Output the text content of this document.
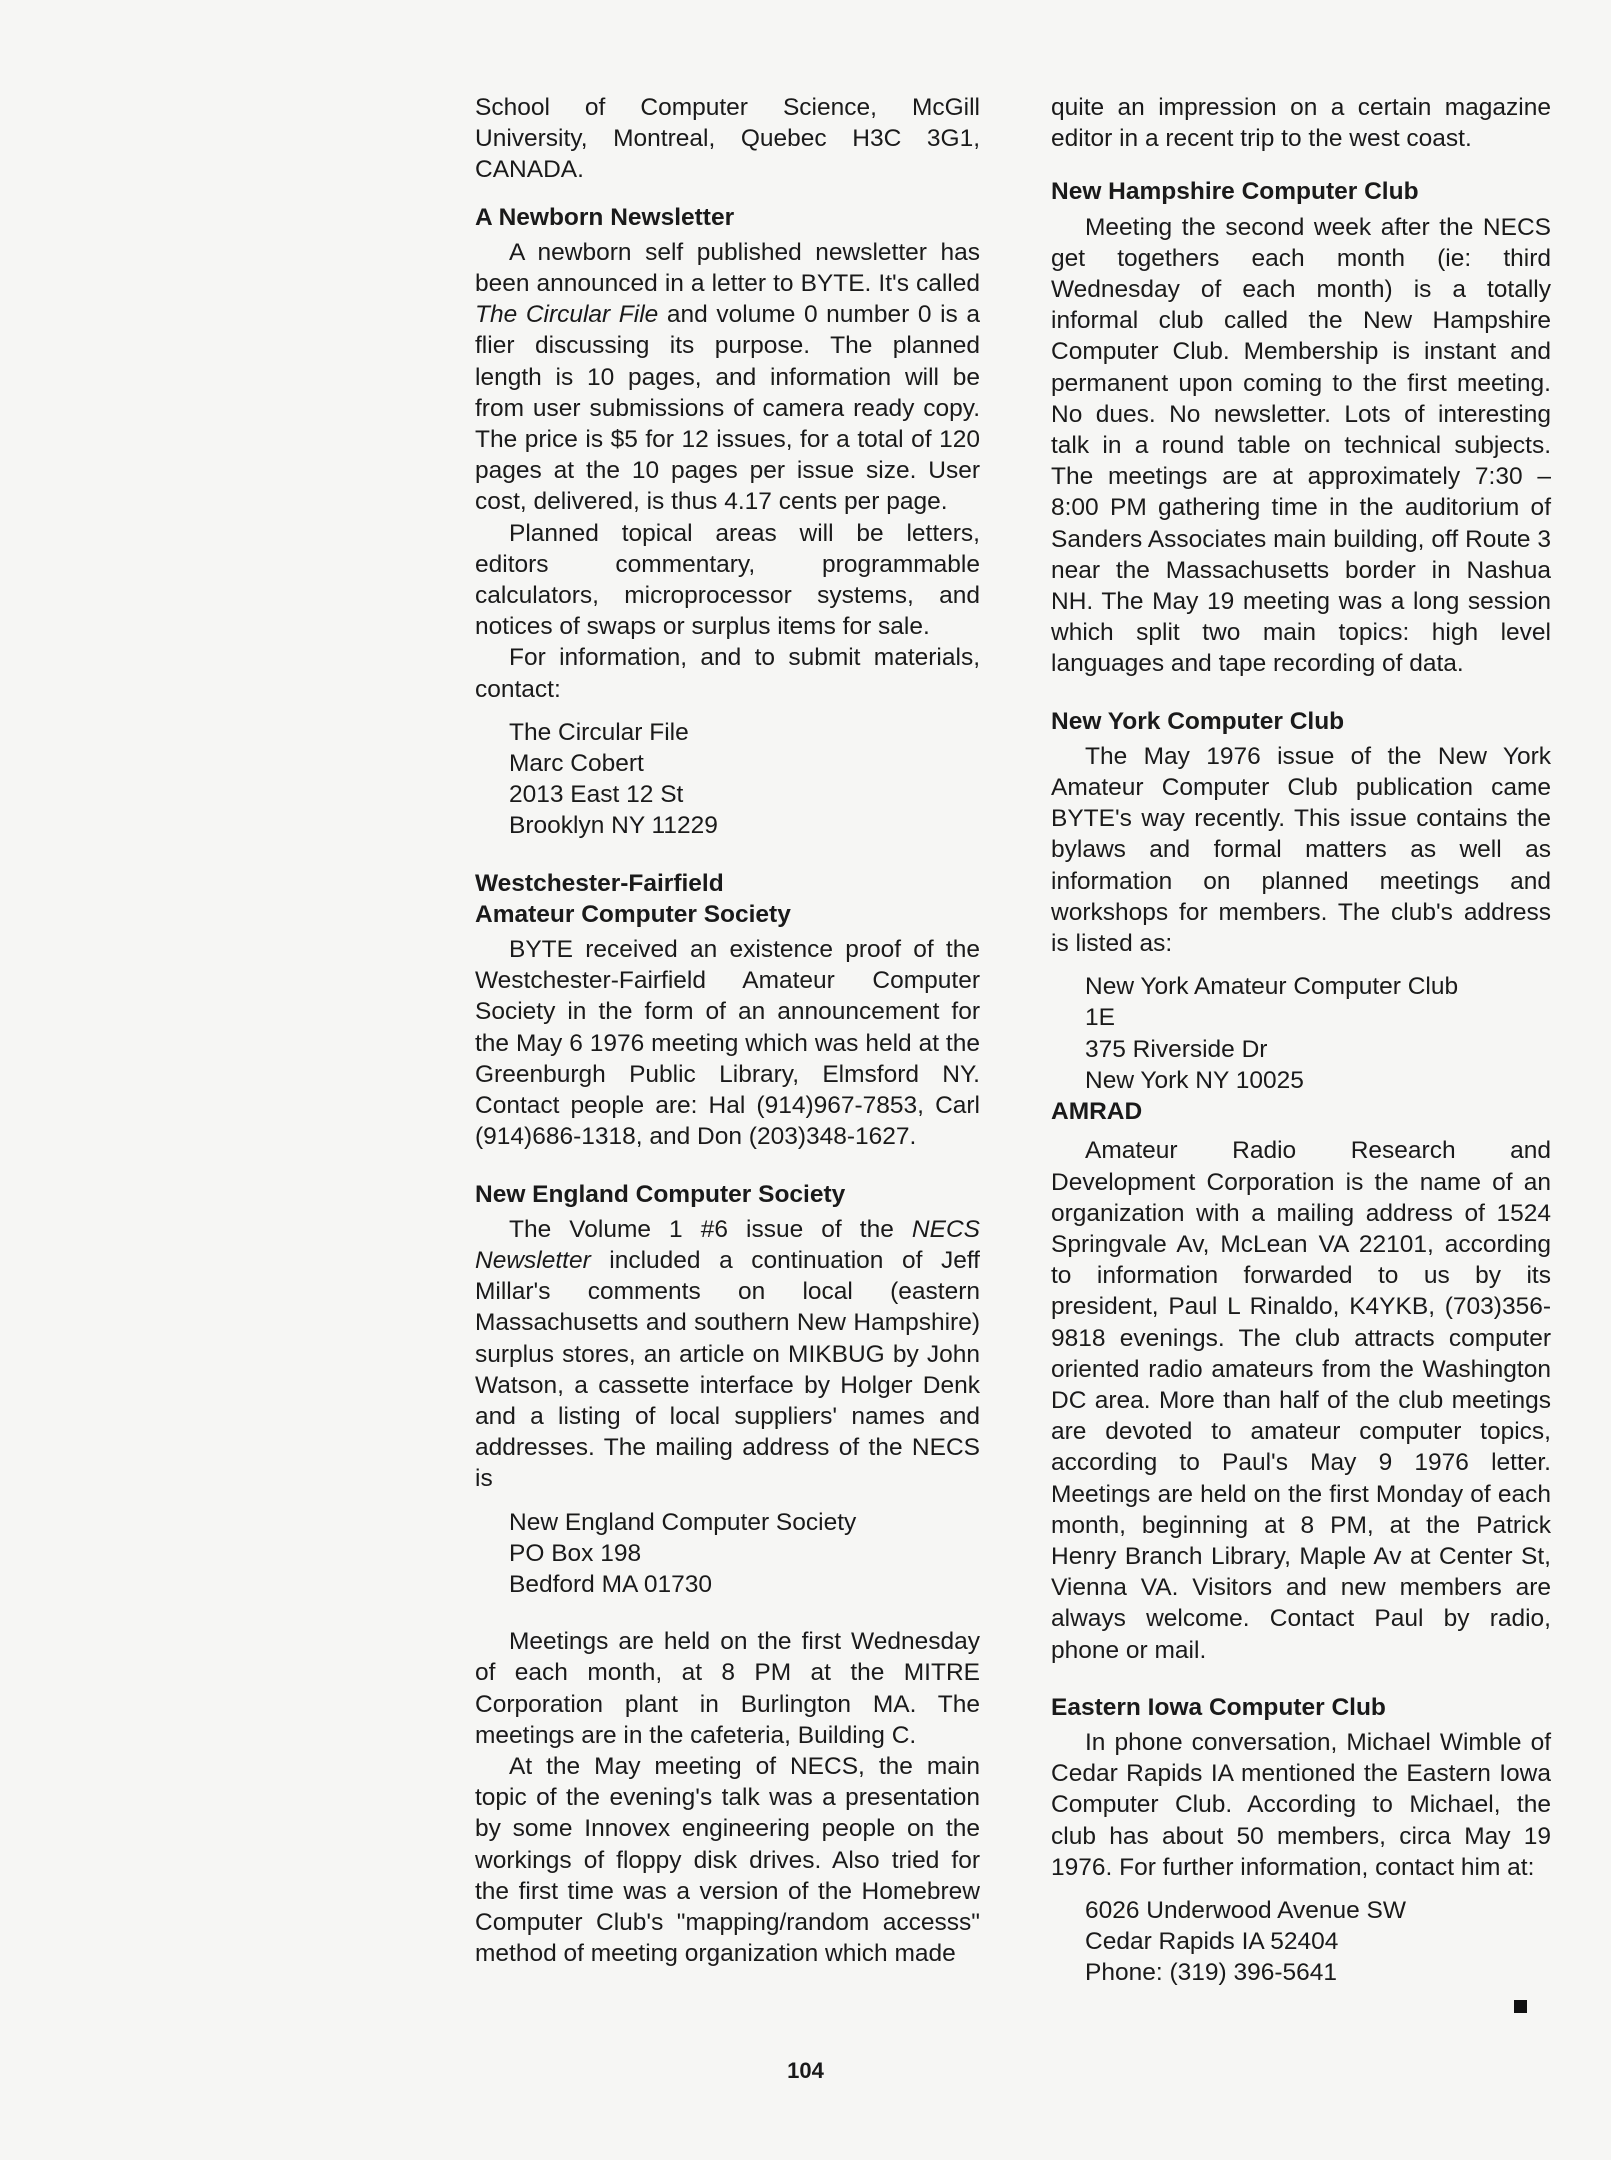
School of Computer Science, McGill University, Montreal, Quebec H3C 3G1, CANADA.

A Newborn Newsletter

A newborn self published newsletter has been announced in a letter to BYTE. It's called The Circular File and volume 0 number 0 is a flier discussing its purpose. The planned length is 10 pages, and information will be from user submissions of camera ready copy. The price is $5 for 12 issues, for a total of 120 pages at the 10 pages per issue size. User cost, delivered, is thus 4.17 cents per page.

Planned topical areas will be letters, editors commentary, programmable calculators, microprocessor systems, and notices of swaps or surplus items for sale.

For information, and to submit materials, contact:

The Circular File
Marc Cobert
2013 East 12 St
Brooklyn NY 11229
Westchester-Fairfield
Amateur Computer Society

BYTE received an existence proof of the Westchester-Fairfield Amateur Computer Society in the form of an announcement for the May 6 1976 meeting which was held at the Greenburgh Public Library, Elmsford NY. Contact people are: Hal (914)967-7853, Carl (914)686-1318, and Don (203)348-1627.

New England Computer Society

The Volume 1 #6 issue of the NECS Newsletter included a continuation of Jeff Millar's comments on local (eastern Massachusetts and southern New Hampshire) surplus stores, an article on MIKBUG by John Watson, a cassette interface by Holger Denk and a listing of local suppliers' names and addresses. The mailing address of the NECS is

New England Computer Society
PO Box 198
Bedford MA 01730

Meetings are held on the first Wednesday of each month, at 8 PM at the MITRE Corporation plant in Burlington MA. The meetings are in the cafeteria, Building C.

At the May meeting of NECS, the main topic of the evening's talk was a presentation by some Innovex engineering people on the workings of floppy disk drives. Also tried for the first time was a version of the Homebrew Computer Club's "mapping/random accesss" method of meeting organization which made

quite an impression on a certain magazine editor in a recent trip to the west coast.

New Hampshire Computer Club

Meeting the second week after the NECS get togethers each month (ie: third Wednesday of each month) is a totally informal club called the New Hampshire Computer Club. Membership is instant and permanent upon coming to the first meeting. No dues. No newsletter. Lots of interesting talk in a round table on technical subjects. The meetings are at approximately 7:30 – 8:00 PM gathering time in the auditorium of Sanders Associates main building, off Route 3 near the Massachusetts border in Nashua NH. The May 19 meeting was a long session which split two main topics: high level languages and tape recording of data.

New York Computer Club

The May 1976 issue of the New York Amateur Computer Club publication came BYTE's way recently. This issue contains the bylaws and formal matters as well as information on planned meetings and workshops for members. The club's address is listed as:

New York Amateur Computer Club
1E
375 Riverside Dr
New York NY 10025
AMRAD

Amateur Radio Research and Development Corporation is the name of an organization with a mailing address of 1524 Springvale Av, McLean VA 22101, according to information forwarded to us by its president, Paul L Rinaldo, K4YKB, (703)356-9818 evenings. The club attracts computer oriented radio amateurs from the Washington DC area. More than half of the club meetings are devoted to amateur computer topics, according to Paul's May 9 1976 letter. Meetings are held on the first Monday of each month, beginning at 8 PM, at the Patrick Henry Branch Library, Maple Av at Center St, Vienna VA. Visitors and new members are always welcome. Contact Paul by radio, phone or mail.

Eastern Iowa Computer Club

In phone conversation, Michael Wimble of Cedar Rapids IA mentioned the Eastern Iowa Computer Club. According to Michael, the club has about 50 members, circa May 19 1976. For further information, contact him at:

6026 Underwood Avenue SW
Cedar Rapids IA 52404
Phone: (319) 396-5641
104
